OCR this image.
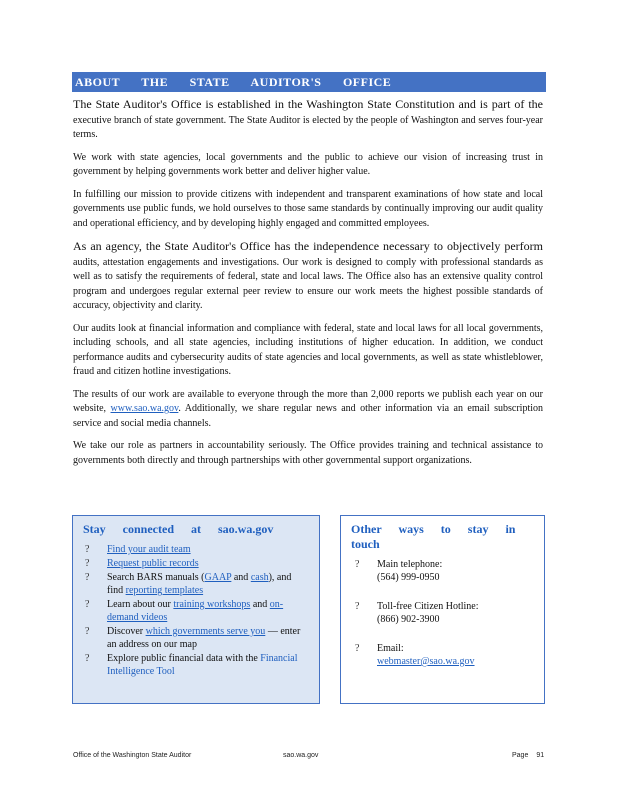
ABOUT THE STATE AUDITOR'S OFFICE

The State Auditor's Office is established in the Washington State Constitution and is part of the executive branch of state government. The State Auditor is elected by the people of Washington and serves four-year terms.

We work with state agencies, local governments and the public to achieve our vision of increasing trust in government by helping governments work better and deliver higher value.

In fulfilling our mission to provide citizens with independent and transparent examinations of how state and local governments use public funds, we hold ourselves to those same standards by continually improving our audit quality and operational efficiency, and by developing highly engaged and committed employees.

As an agency, the State Auditor's Office has the independence necessary to objectively perform audits, attestation engagements and investigations. Our work is designed to comply with professional standards as well as to satisfy the requirements of federal, state and local laws. The Office also has an extensive quality control program and undergoes regular external peer review to ensure our work meets the highest possible standards of accuracy, objectivity and clarity.

Our audits look at financial information and compliance with federal, state and local laws for all local governments, including schools, and all state agencies, including institutions of higher education. In addition, we conduct performance audits and cybersecurity audits of state agencies and local governments, as well as state whistleblower, fraud and citizen hotline investigations.

The results of our work are available to everyone through the more than 2,000 reports we publish each year on our website, www.sao.wa.gov. Additionally, we share regular news and other information via an email subscription service and social media channels.

We take our role as partners in accountability seriously. The Office provides training and technical assistance to governments both directly and through partnerships with other governmental support organizations.

Stay connected at sao.wa.gov
?	Find your audit team
?	Request public records
?	Search BARS manuals (GAAP and cash), and find reporting templates
?	Learn about our training workshops and on-demand videos
?	Discover which governments serve you — enter an address on our map
?	Explore public financial data with the Financial Intelligence Tool
Other ways to stay in touch
?	Main telephone:
(564) 999-0950
?	Toll-free Citizen Hotline:
(866) 902-3900
?	Email:
webmaster@sao.wa.gov
Office of the Washington State Auditor	sao.wa.gov	Page 91
